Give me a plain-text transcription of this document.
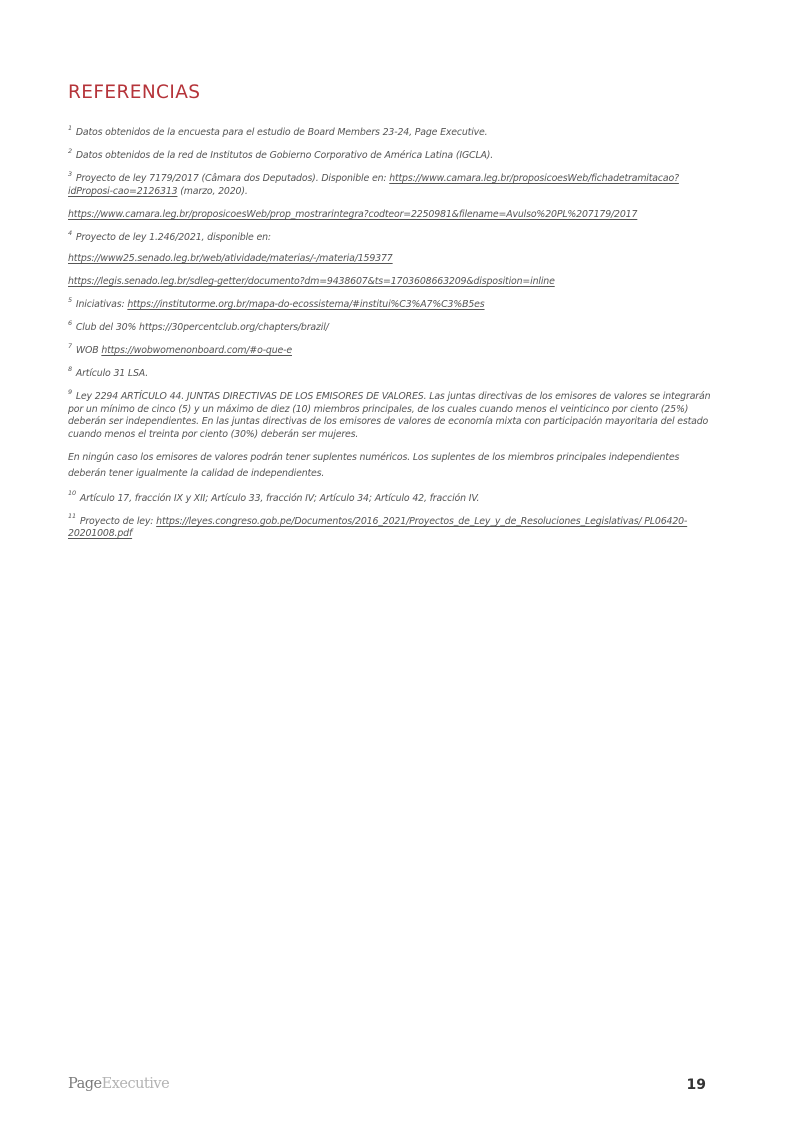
REFERENCIAS

$^1$ Datos obtenidos de la encuesta para el estudio de Board Members 23-24, Page Executive.

$^2$ Datos obtenidos de la red de Institutos de Gobierno Corporativo de América Latina (IGCLA).

$^3$ Proyecto de ley 7179/2017 (Câmara dos Deputados). Disponible en: https://www.camara.leg.br/proposicoesWeb/fichadetramitacao?idProposi-cao=2126313 (marzo, 2020).

https://www.camara.leg.br/proposicoesWeb/prop_mostrarintegra?codteor=2250981&filename=Avulso%20PL%207179/2017

$^4$ Proyecto de ley 1.246/2021, disponible en:

https://www25.senado.leg.br/web/atividade/materias/-/materia/159377

https://legis.senado.leg.br/sdleg-getter/documento?dm=9438607&ts=1703608663209&disposition=inline

$^5$ Iniciativas: https://institutorme.org.br/mapa-do-ecossistema/#institui%C3%A7%C3%B5es

$^6$ Club del 30% https://30percentclub.org/chapters/brazil/

$^7$ WOB https://wobwomenonboard.com/#o-que-e

$^8$ Artículo 31 LSA.

$^9$ Ley 2294 ARTÍCULO 44. JUNTAS DIRECTIVAS DE LOS EMISORES DE VALORES. Las juntas directivas de los emisores de valores se integrarán por un mínimo de cinco (5) y un máximo de diez (10) miembros principales, de los cuales cuando menos el veinticinco por ciento (25%) deberán ser independientes. En las juntas directivas de los emisores de valores de economía mixta con participación mayoritaria del estado cuando menos el treinta por ciento (30%) deberán ser mujeres.

En ningún caso los emisores de valores podrán tener suplentes numéricos. Los suplentes de los miembros principales independientes deberán tener igualmente la calidad de independientes.

$^{10}$ Artículo 17, fracción IX y XII; Artículo 33, fracción IV; Artículo 34; Artículo 42, fracción IV.

$^{11}$ Proyecto de ley: https://leyes.congreso.gob.pe/Documentos/2016_2021/Proyectos_de_Ley_y_de_Resoluciones_Legislativas/ PL06420-20201008.pdf

PageExecutive	19
